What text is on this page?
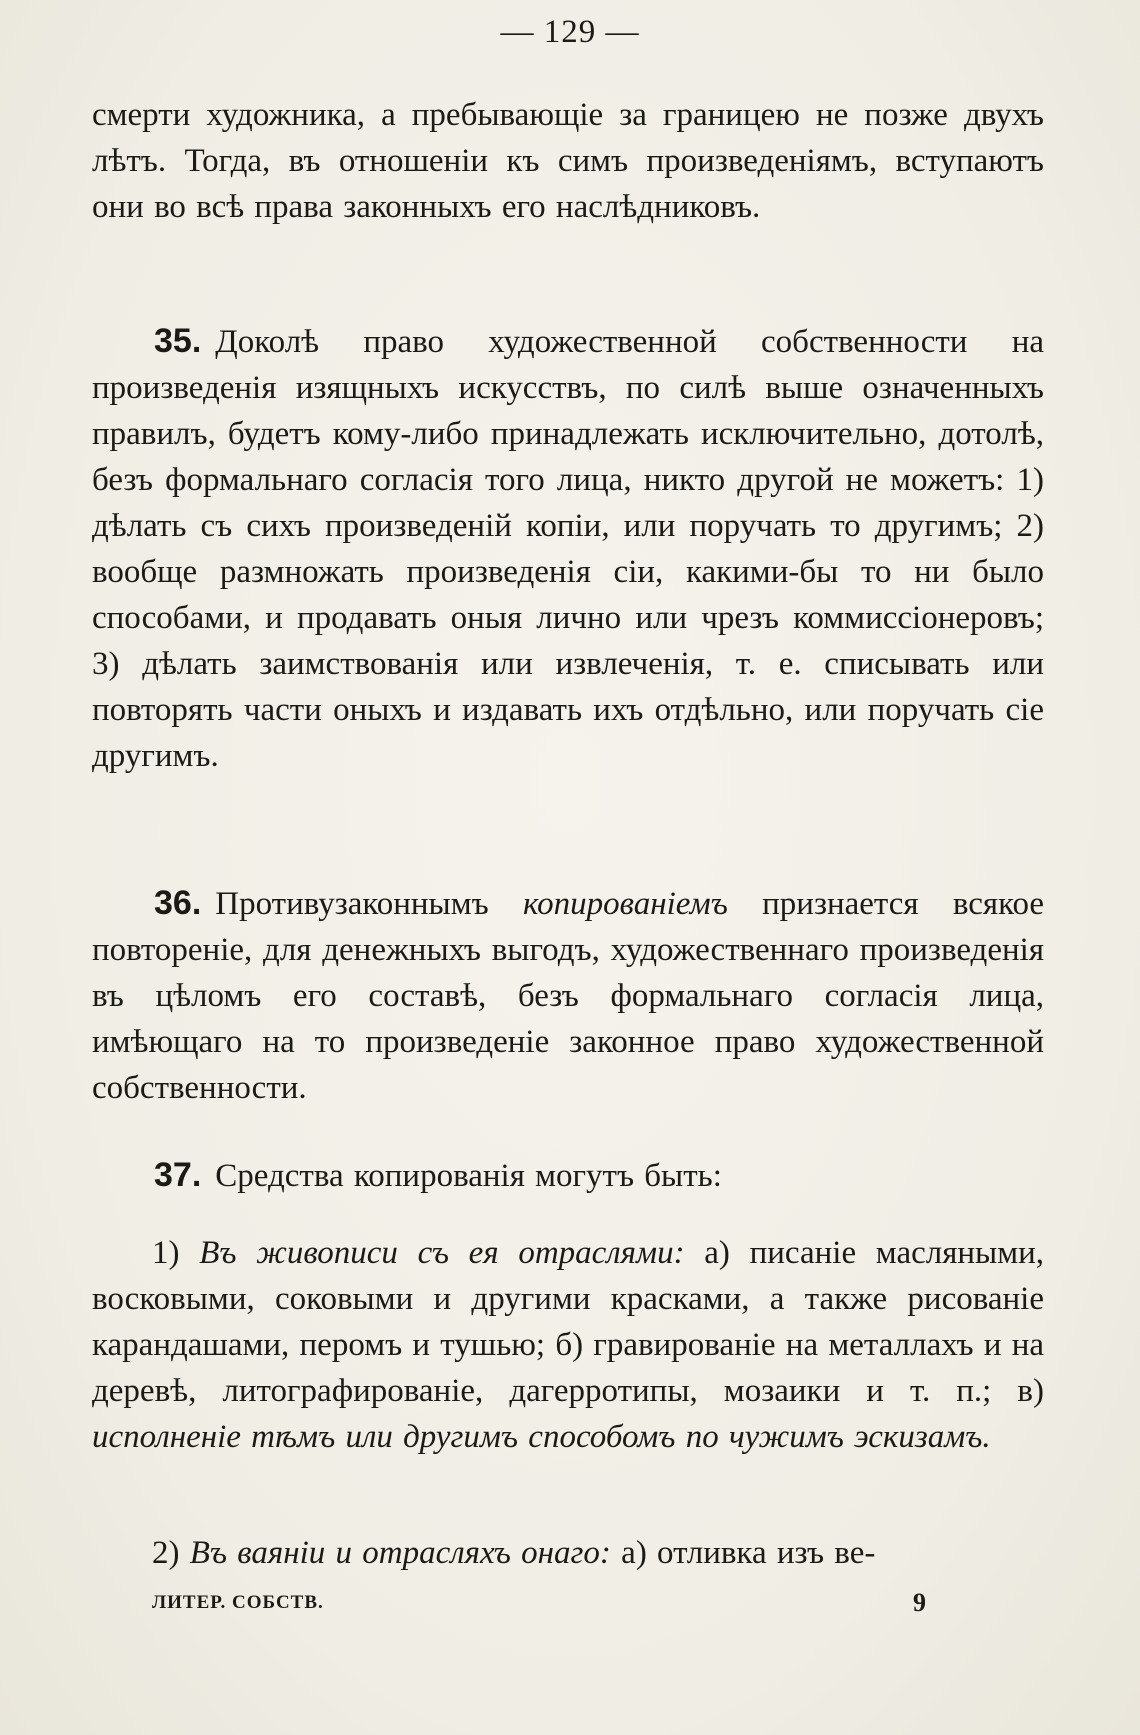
— 129 —
смерти художника, а пребывающіе за границею не позже двухъ лѣтъ. Тогда, въ отношеніи къ симъ произведеніямъ, вступаютъ они во всѣ права законныхъ его наслѣдниковъ.
35. Доколѣ право художественной собственности на произведенія изящныхъ искусствъ, по силѣ выше означенныхъ правилъ, будетъ кому-либо принадлежать исключительно, дотолѣ, безъ формальнаго согласія того лица, никто другой не можетъ: 1) дѣлать съ сихъ произведеній копіи, или поручать то другимъ; 2) вообще размножать произведенія сіи, какими-бы то ни было способами, и продавать оныя лично или чрезъ коммиссіонеровъ; 3) дѣлать заимствованія или извлеченія, т. е. списывать или повторять части оныхъ и издавать ихъ отдѣльно, или поручать сіе другимъ.
36. Противузаконнымъ копированіемъ признается всякое повтореніе, для денежныхъ выгодъ, художественнаго произведенія въ цѣломъ его составѣ, безъ формальнаго согласія лица, имѣющаго на то произведеніе законное право художественной собственности.
37. Средства копированія могутъ быть:
1) Въ живописи съ ея отраслями: а) писаніе масляными, восковыми, соковыми и другими красками, а также рисованіе карандашами, перомъ и тушью; б) гравированіе на металлахъ и на деревѣ, литографированіе, дагерротипы, мозаики и т. п.; в) исполненіе тѣмъ или другимъ способомъ по чужимъ эскизамъ.
2) Въ ваяніи и отрасляхъ онаго: а) отливка изъ ве-
ЛИТЕР. СОБСТВ.	9
